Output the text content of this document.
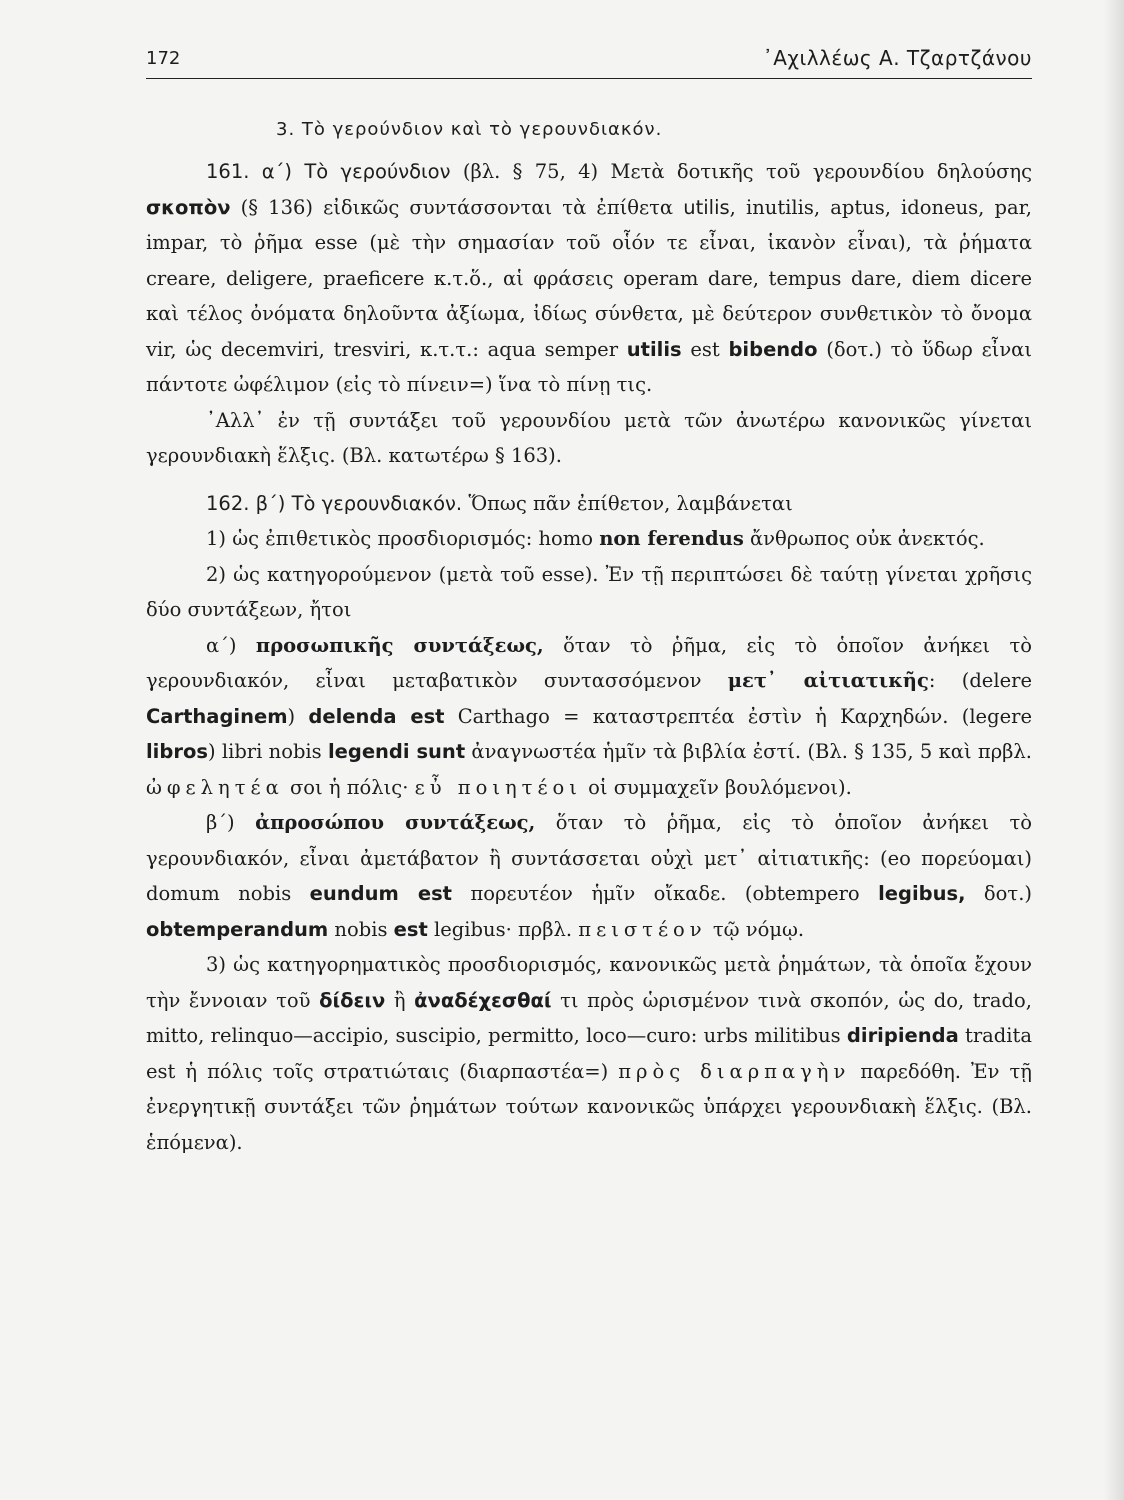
172	᾿Αχιλλέως Α. Τζαρτζάνου

3. Τὸ γερούνδιον καὶ τὸ γερουνδιακόν.

161. α΄) Τὸ γερούνδιον (βλ. § 75, 4) Μετὰ δοτικῆς τοῦ γερουνδίου δηλούσης σκοπὸν (§ 136) εἰδικῶς συντάσσονται τὰ ἐπίθετα utilis, inutilis, aptus, idoneus, par, impar, τὸ ῥῆμα esse (μὲ τὴν σημασίαν τοῦ οἷόν τε εἶναι, ἱκανὸν εἶναι), τὰ ῥήματα creare, deligere, praeficere κ.τ.ὅ., αἱ φράσεις operam dare, tempus dare, diem dicere καὶ τέλος ὀνόματα δηλοῦντα ἀξίωμα, ἰδίως σύνθετα, μὲ δεύτερον συνθετικὸν τὸ ὄνομα vir, ὡς decemviri, tresviri, κ.τ.τ.: aqua semper utilis est bibendo (δοτ.) τὸ ὕδωρ εἶναι πάντοτε ὠφέλιμον (εἰς τὸ πίνειν=) ἵνα τὸ πίνῃ τις.

᾿Αλλ᾿ ἐν τῇ συντάξει τοῦ γερουνδίου μετὰ τῶν ἀνωτέρω κανονικῶς γίνεται γερουνδιακὴ ἕλξις. (Βλ. κατωτέρω § 163).

162. β΄) Τὸ γερουνδιακόν. Ὅπως πᾶν ἐπίθετον, λαμβάνεται

1) ὡς ἐπιθετικὸς προσδιορισμός: homo non ferendus ἄνθρωπος οὐκ ἀνεκτός.

2) ὡς κατηγορούμενον (μετὰ τοῦ esse). Ἐν τῇ περιπτώσει δὲ ταύτῃ γίνεται χρῆσις δύο συντάξεων, ἤτοι

α΄) προσωπικῆς συντάξεως, ὅταν τὸ ῥῆμα, εἰς τὸ ὁποῖον ἀνήκει τὸ γερουνδιακόν, εἶναι μεταβατικὸν συντασσόμενον μετ᾿ αἰτιατικῆς: (delere Carthaginem) delenda est Carthago = καταστρεπτέα ἐστὶν ἡ Καρχηδών. (legere libros) libri nobis legendi sunt ἀναγνωστέα ἡμῖν τὰ βιβλία ἐστί. (Βλ. § 135, 5 καὶ πρβλ. ὠφελητέα σοι ἡ πόλις· εὖ ποιητέοι οἱ συμμαχεῖν βουλόμενοι).

β΄) ἀπροσώπου συντάξεως, ὅταν τὸ ῥῆμα, εἰς τὸ ὁποῖον ἀνήκει τὸ γερουνδιακόν, εἶναι ἀμετάβατον ἢ συντάσσεται οὐχὶ μετ᾿ αἰτιατικῆς: (eo πορεύομαι) domum nobis eundum est πορευτέον ἡμῖν οἴκαδε. (obtempero legibus, δοτ.) obtemperandum nobis est legibus· πρβλ. πειστέον τῷ νόμῳ.

3) ὡς κατηγορηματικὸς προσδιορισμός, κανονικῶς μετὰ ῥημάτων, τὰ ὁποῖα ἔχουν τὴν ἔννοιαν τοῦ δίδειν ἢ ἀναδέχεσθαί τι πρὸς ὡρισμένον τινὰ σκοπόν, ὡς do, trado, mitto, relinquo—accipio, suscipio, permitto, loco—curo: urbs militibus diripienda tradita est ἡ πόλις τοῖς στρατιώταις (διαρπαστέα=) πρὸς διαρπαγὴν παρεδόθη. Ἐν τῇ ἐνεργητικῇ συντάξει τῶν ῥημάτων τούτων κανονικῶς ὑπάρχει γερουνδιακὴ ἕλξις. (Βλ. ἑπόμενα).
